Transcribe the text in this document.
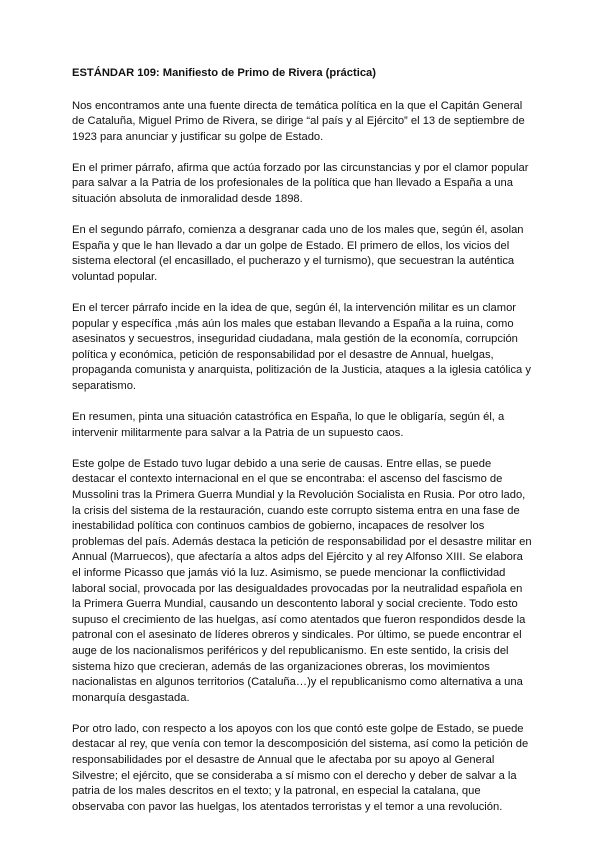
ESTÁNDAR 109: Manifiesto de Primo de Rivera (práctica)

Nos encontramos ante una fuente directa de temática política en la que el Capitán General de Cataluña, Miguel Primo de Rivera, se dirige “al país y al Ejército” el 13 de septiembre de 1923 para anunciar y justificar su golpe de Estado.

En el primer párrafo, afirma que actúa forzado por las circunstancias y por el clamor popular para salvar a la Patria de los profesionales de la política que han llevado a España a una situación absoluta de inmoralidad desde 1898.

En el segundo párrafo, comienza a desgranar cada uno de los males que, según él, asolan España y que le han llevado a dar un golpe de Estado. El primero de ellos, los vicios del sistema electoral (el encasillado, el pucherazo y el turnismo), que secuestran la auténtica voluntad popular.

En el tercer párrafo incide en la idea de que, según él, la intervención militar es un clamor popular y específica ,más aún los males que estaban llevando a España a la ruina, como asesinatos y secuestros, inseguridad ciudadana, mala gestión de la economía, corrupción política y económica, petición de responsabilidad por el desastre de Annual, huelgas, propaganda comunista y anarquista, politización de la Justicia, ataques a la iglesia católica y separatismo.

En resumen, pinta una situación catastrófica en España, lo que le obligaría, según él, a intervenir militarmente para salvar a la Patria de un supuesto caos.

Este golpe de Estado tuvo lugar debido a una serie de causas. Entre ellas, se puede destacar el contexto internacional en el que se encontraba: el ascenso del fascismo de Mussolini tras la Primera Guerra Mundial y la Revolución Socialista en Rusia. Por otro lado, la crisis del sistema de la restauración, cuando este corrupto sistema entra en una fase de inestabilidad política con continuos cambios de gobierno, incapaces de resolver los problemas del país. Además destaca la petición de responsabilidad por el desastre militar en Annual (Marruecos), que afectaría a altos adps del Ejército y al rey Alfonso XIII. Se elabora el informe Picasso que jamás vió la luz. Asimismo, se puede mencionar la conflictividad laboral social, provocada por las desigualdades provocadas por la neutralidad española en la Primera Guerra Mundial, causando un descontento laboral y social creciente. Todo esto supuso el crecimiento de las huelgas, así como atentados que fueron respondidos desde la patronal con el asesinato de líderes obreros y sindicales. Por último, se puede encontrar el auge de los nacionalismos periféricos y del republicanismo. En este sentido, la crisis del sistema hizo que crecieran, además de las organizaciones obreras, los movimientos nacionalistas en algunos territorios (Cataluña…)y el republicanismo como alternativa a una monarquía desgastada.

Por otro lado, con respecto a los apoyos con los que contó este golpe de Estado, se puede destacar al rey, que venía con temor la descomposición del sistema, así como la petición de responsabilidades por el desastre de Annual que le afectaba por su apoyo al General Silvestre; el ejército, que se consideraba a sí mismo con el derecho y deber de salvar a la patria de los males descritos en el texto; y la patronal, en especial la catalana, que observaba con pavor las huelgas, los atentados terroristas y el temor a una revolución.
